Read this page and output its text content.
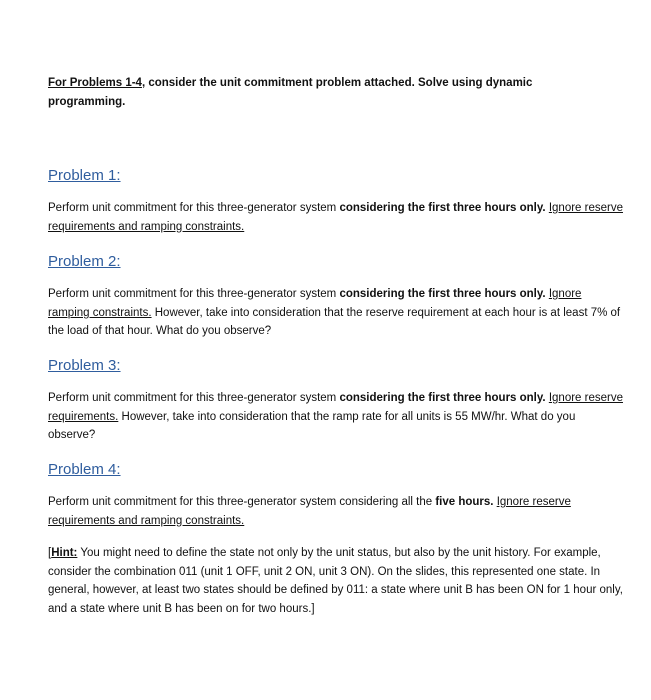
For Problems 1-4, consider the unit commitment problem attached. Solve using dynamic programming.

Problem 1:

Perform unit commitment for this three-generator system considering the first three hours only. Ignore reserve requirements and ramping constraints.

Problem 2:

Perform unit commitment for this three-generator system considering the first three hours only. Ignore ramping constraints. However, take into consideration that the reserve requirement at each hour is at least 7% of the load of that hour. What do you observe?

Problem 3:

Perform unit commitment for this three-generator system considering the first three hours only. Ignore reserve requirements. However, take into consideration that the ramp rate for all units is 55 MW/hr. What do you observe?

Problem 4:

Perform unit commitment for this three-generator system considering all the five hours. Ignore reserve requirements and ramping constraints.

[Hint: You might need to define the state not only by the unit status, but also by the unit history. For example, consider the combination 011 (unit 1 OFF, unit 2 ON, unit 3 ON). On the slides, this represented one state. In general, however, at least two states should be defined by 011: a state where unit B has been ON for 1 hour only, and a state where unit B has been on for two hours.]
